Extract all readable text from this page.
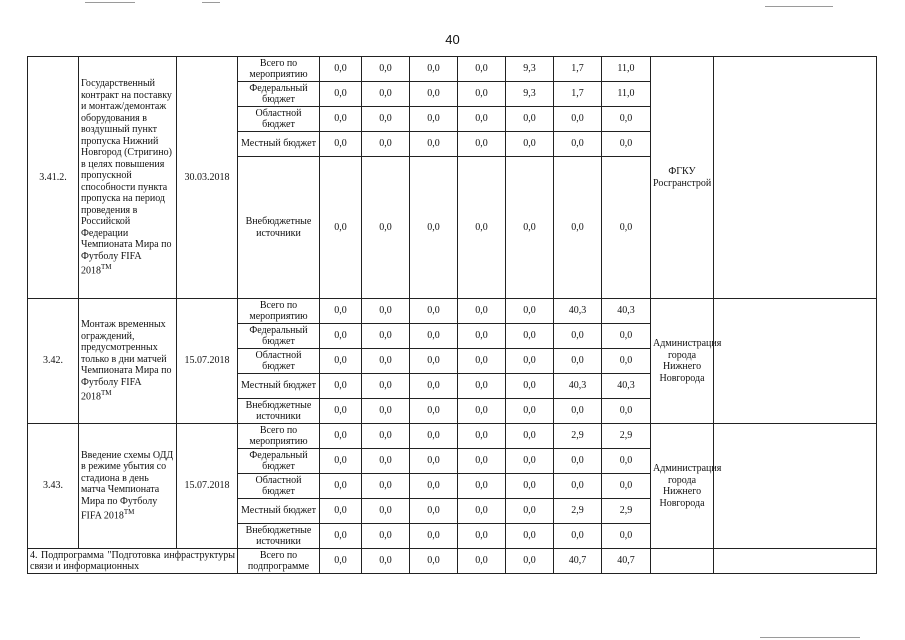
40
3.41.2.	Государственный контракт на поставку и монтаж/демонтаж оборудования в воздушный пункт пропуска Нижний Новгород (Стригино) в целях повышения пропускной способности пункта пропуска на период проведения в Российской Федерации Чемпионата Мира по Футболу FIFA 2018™	30.03.2018	Всего по мероприятию	0,0	0,0	0,0	0,0	9,3	1,7	11,0	ФГКУ Росгранстрой	
			Федеральный бюджет	0,0	0,0	0,0	0,0	9,3	1,7	11,0		
			Областной бюджет	0,0	0,0	0,0	0,0	0,0	0,0	0,0		
			Местный бюджет	0,0	0,0	0,0	0,0	0,0	0,0	0,0		
			Внебюджетные источники	0,0	0,0	0,0	0,0	0,0	0,0	0,0		
3.42.	Монтаж временных ограждений, предусмотренных только в дни матчей Чемпионата Мира по Футболу FIFA 2018™	15.07.2018	Всего по мероприятию	0,0	0,0	0,0	0,0	0,0	40,3	40,3	Администрация города Нижнего Новгорода	
			Федеральный бюджет	0,0	0,0	0,0	0,0	0,0	0,0	0,0		
			Областной бюджет	0,0	0,0	0,0	0,0	0,0	0,0	0,0		
			Местный бюджет	0,0	0,0	0,0	0,0	0,0	40,3	40,3		
			Внебюджетные источники	0,0	0,0	0,0	0,0	0,0	0,0	0,0		
3.43.	Введение схемы ОДД в режиме убытия со стадиона в день матча Чемпионата Мира по Футболу FIFA 2018™	15.07.2018	Всего по мероприятию	0,0	0,0	0,0	0,0	0,0	2,9	2,9	Администрация города Нижнего Новгорода	
			Федеральный бюджет	0,0	0,0	0,0	0,0	0,0	0,0	0,0		
			Областной бюджет	0,0	0,0	0,0	0,0	0,0	0,0	0,0		
			Местный бюджет	0,0	0,0	0,0	0,0	0,0	2,9	2,9		
			Внебюджетные источники	0,0	0,0	0,0	0,0	0,0	0,0	0,0		
4. Подпрограмма "Подготовка инфраструктуры связи и информационных			Всего по подпрограмме	0,0	0,0	0,0	0,0	0,0	40,7	40,7		
